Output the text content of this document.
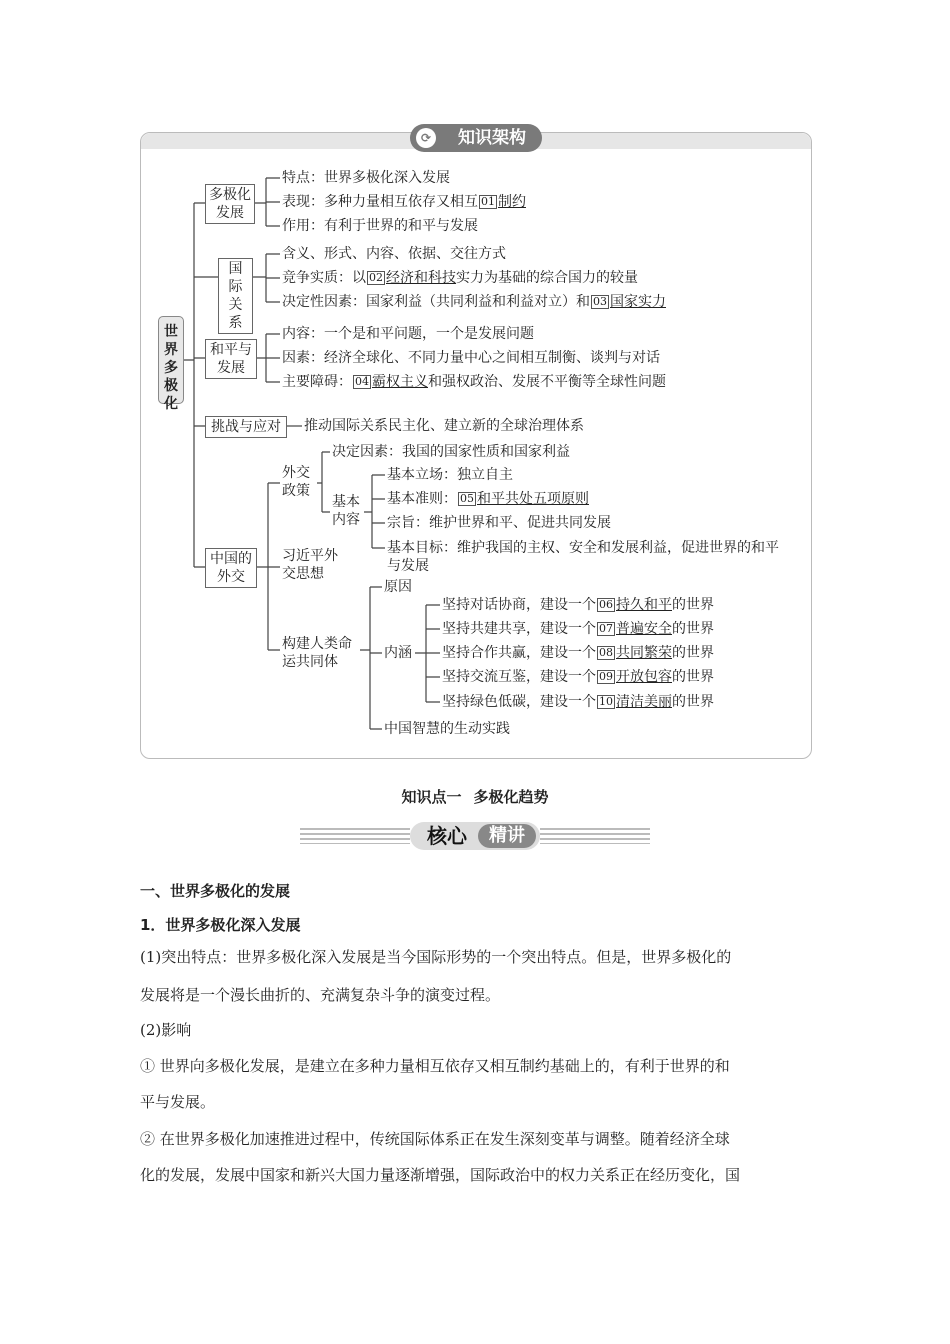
⟳ 知识架构
世界多极化
多极化发展
特点：世界多极化深入发展
表现：多种力量相互依存又相互 01 制约
作用：有利于世界的和平与发展
国际关系
含义、形式、内容、依据、交往方式
竞争实质：以 02 经济和科技实力为基础的综合国力的较量
决定性因素：国家利益（共同利益和利益对立）和 03 国家实力
和平与发展
内容：一个是和平问题，一个是发展问题
因素：经济全球化、不同力量中心之间相互制衡、谈判与对话
主要障碍： 04 霸权主义和强权政治、发展不平衡等全球性问题
挑战与应对	推动国际关系民主化、建立新的全球治理体系
中国的外交
外交政策
决定因素：我国的国家性质和国家利益
基本内容
基本立场：独立自主
基本准则： 05 和平共处五项原则
宗旨：维护世界和平、促进共同发展
基本目标：维护我国的主权、安全和发展利益，促进世界的和平
与发展
习近平外交思想
构建人类命运共同体
原因
内涵
坚持对话协商，建设一个 06 持久和平的世界
坚持共建共享，建设一个 07 普遍安全的世界
坚持合作共赢，建设一个 08 共同繁荣的世界
坚持交流互鉴，建设一个 09 开放包容的世界
坚持绿色低碳，建设一个 10 清洁美丽的世界
中国智慧的生动实践
知识点一 多极化趋势
核心	精讲
一、世界多极化的发展
1．世界多极化深入发展
(1)突出特点：世界多极化深入发展是当今国际形势的一个突出特点。但是，世界多极化的
发展将是一个漫长曲折的、充满复杂斗争的演变过程。
(2)影响
① 世界向多极化发展，是建立在多种力量相互依存又相互制约基础上的，有利于世界的和
平与发展。
② 在世界多极化加速推进过程中，传统国际体系正在发生深刻变革与调整。随着经济全球
化的发展，发展中国家和新兴大国力量逐渐增强，国际政治中的权力关系正在经历变化，国
